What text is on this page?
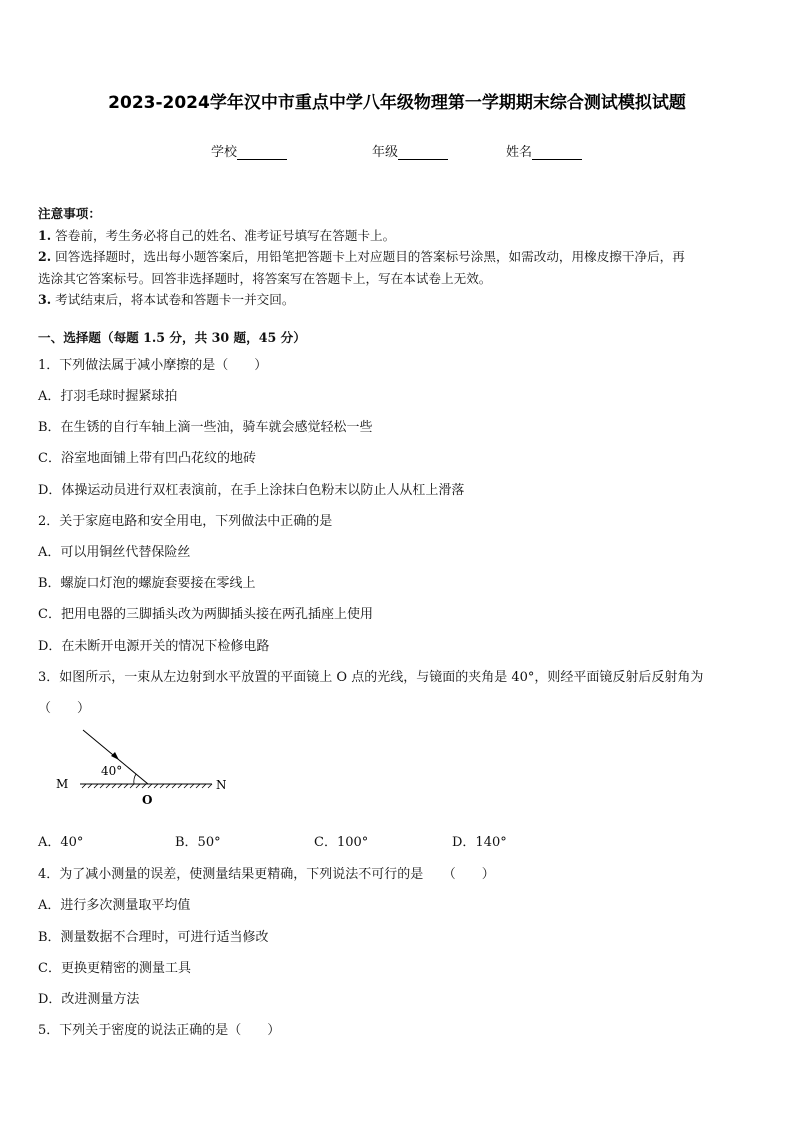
2023-2024学年汉中市重点中学八年级物理第一学期期末综合测试模拟试题
学校	年级	姓名
注意事项：
1. 答卷前，考生务必将自己的姓名、准考证号填写在答题卡上。
2. 回答选择题时，选出每小题答案后，用铅笔把答题卡上对应题目的答案标号涂黑，如需改动，用橡皮擦干净后，再
选涂其它答案标号。回答非选择题时，将答案写在答题卡上，写在本试卷上无效。
3. 考试结束后，将本试卷和答题卡一并交回。
一、选择题（每题 1.5 分，共 30 题，45 分）
1．下列做法属于减小摩擦的是（　　）
A．打羽毛球时握紧球拍
B．在生锈的自行车轴上滴一些油，骑车就会感觉轻松一些
C．浴室地面铺上带有凹凸花纹的地砖
D．体操运动员进行双杠表演前，在手上涂抹白色粉末以防止人从杠上滑落
2．关于家庭电路和安全用电，下列做法中正确的是
A．可以用铜丝代替保险丝
B．螺旋口灯泡的螺旋套要接在零线上
C．把用电器的三脚插头改为两脚插头接在两孔插座上使用
D．在未断开电源开关的情况下检修电路
3．如图所示，一束从左边射到水平放置的平面镜上 O 点的光线，与镜面的夹角是 40°，则经平面镜反射后反射角为
（　　）
40°
M	N
O
A．40°	B．50°	C．100°	D．140°
4．为了减小测量的误差，使测量结果更精确，下列说法不可行的是　　（　　）
A．进行多次测量取平均值
B．测量数据不合理时，可进行适当修改
C．更换更精密的测量工具
D．改进测量方法
5．下列关于密度的说法正确的是（　　）
